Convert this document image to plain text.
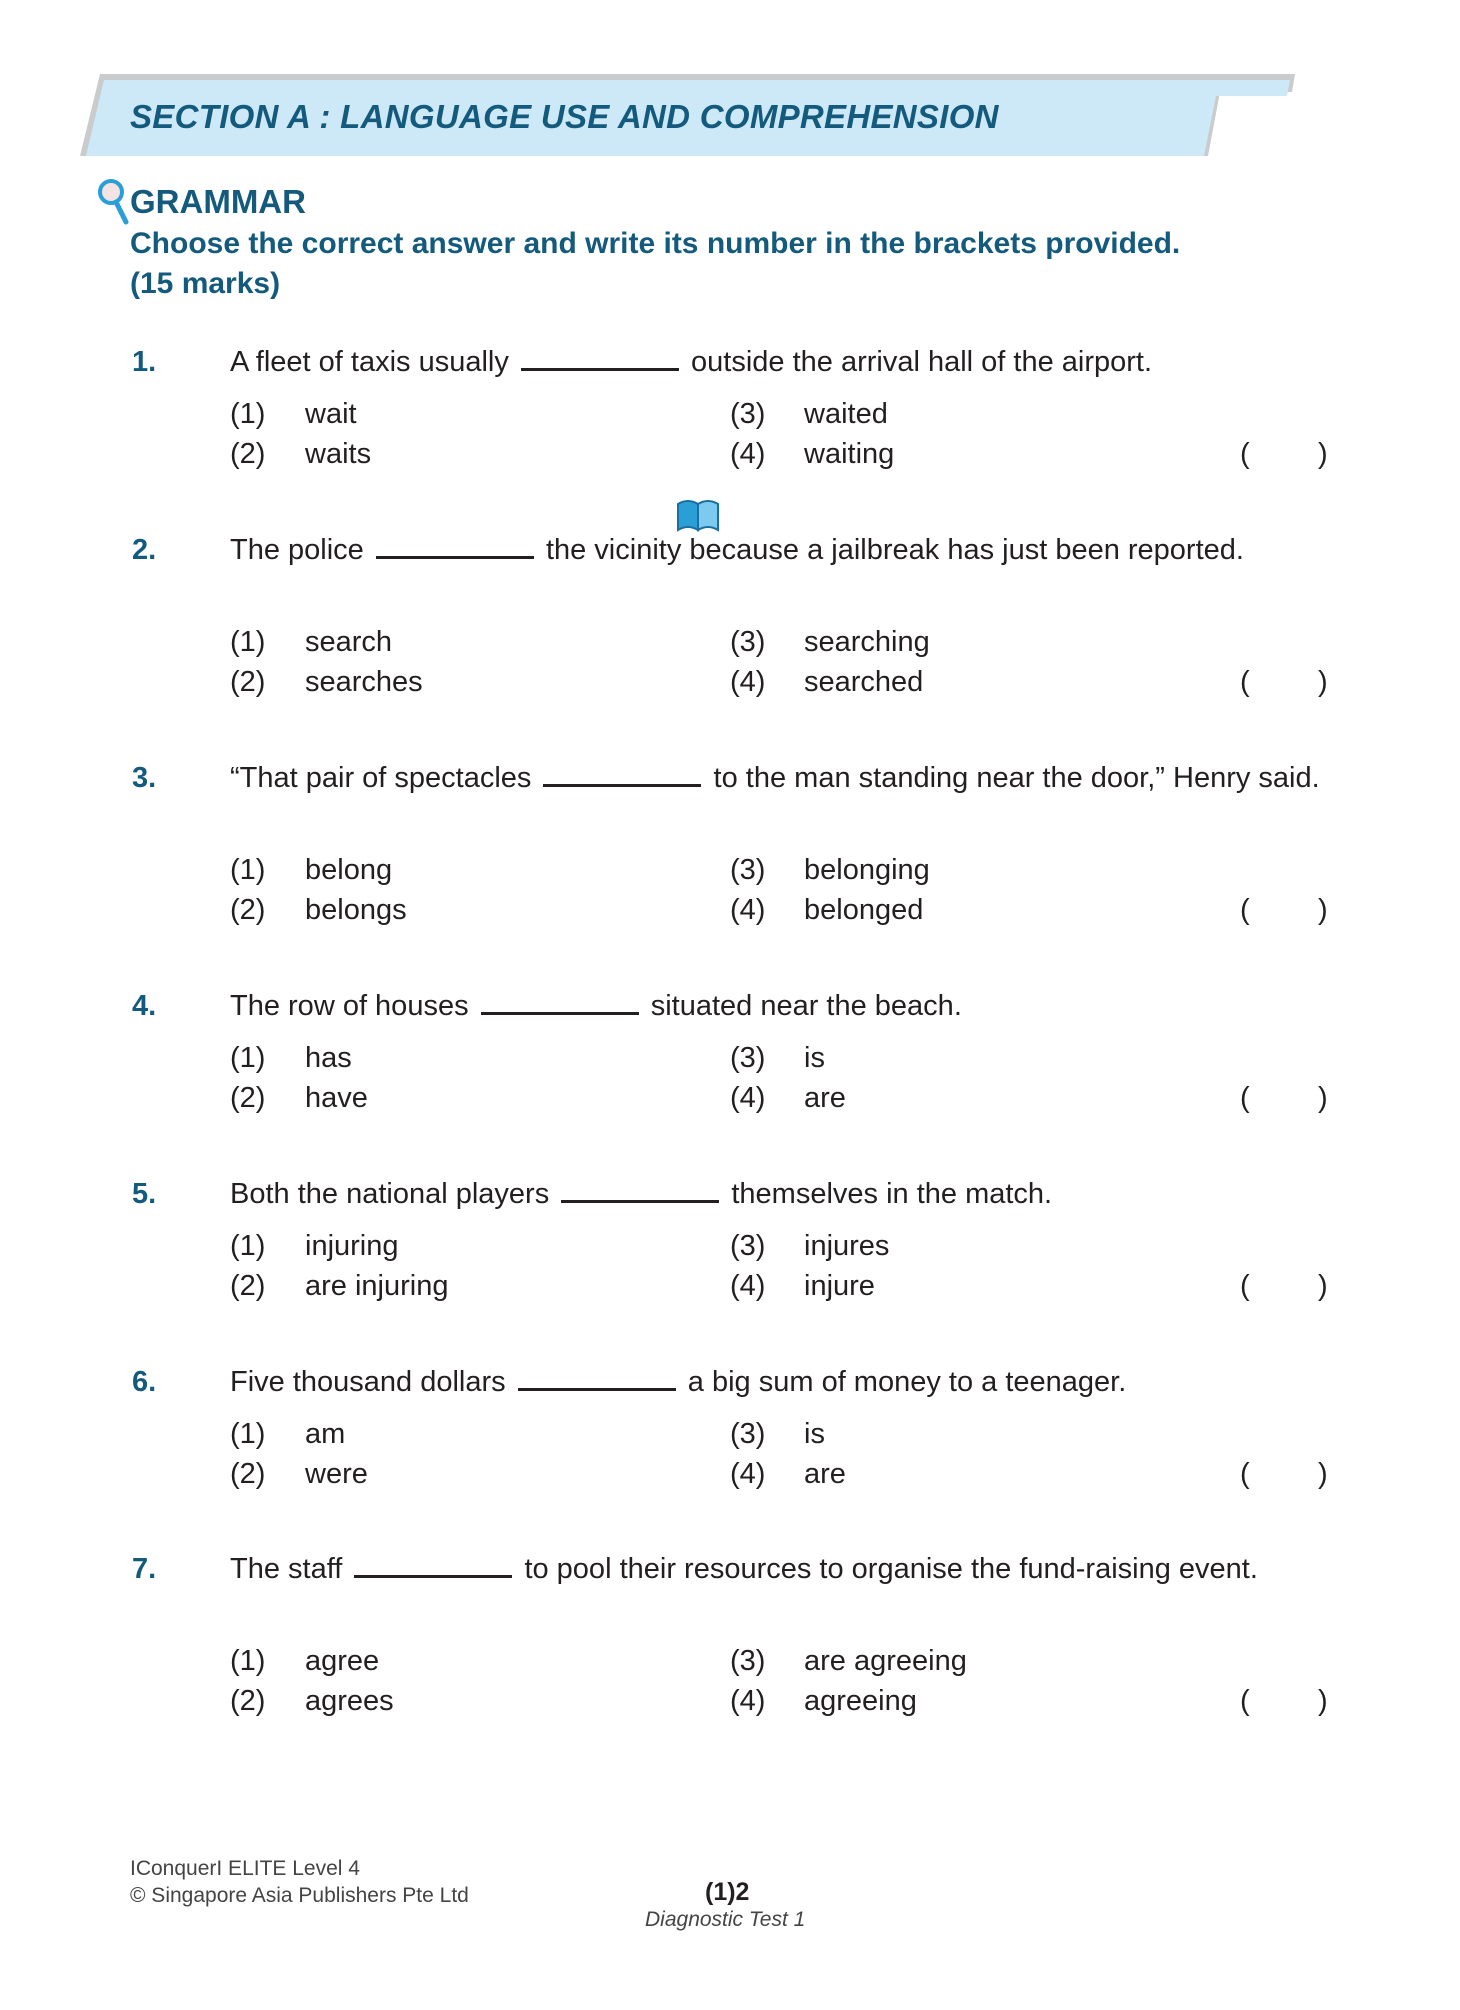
SECTION A : LANGUAGE USE AND COMPREHENSION
GRAMMAR
Choose the correct answer and write its number in the brackets provided.
(15 marks)
1.	A fleet of taxis usually	outside the arrival hall of the airport.
(1) wait
(2) waits
(3) waited
(4) waiting	( )
2.	The police	the vicinity because a jailbreak has just been reported.
(1) search
(2) searches
(3) searching
(4) searched	( )
3.	“That pair of spectacles	to the man standing near the door,” Henry said.
(1) belong
(2) belongs
(3) belonging
(4) belonged	( )
4.	The row of houses	situated near the beach.
(1) has
(2) have
(3) is
(4) are	( )
5.	Both the national players	themselves in the match.
(1) injuring
(2) are injuring
(3) injures
(4) injure	( )
6.	Five thousand dollars	a big sum of money to a teenager.
(1) am
(2) were
(3) is
(4) are	( )
7.	The staff	to pool their resources to organise the fund-raising event.
(1) agree
(2) agrees
(3) are agreeing
(4) agreeing	( )
IConquerI ELITE Level 4
© Singapore Asia Publishers Pte Ltd	(1)2
Diagnostic Test 1
